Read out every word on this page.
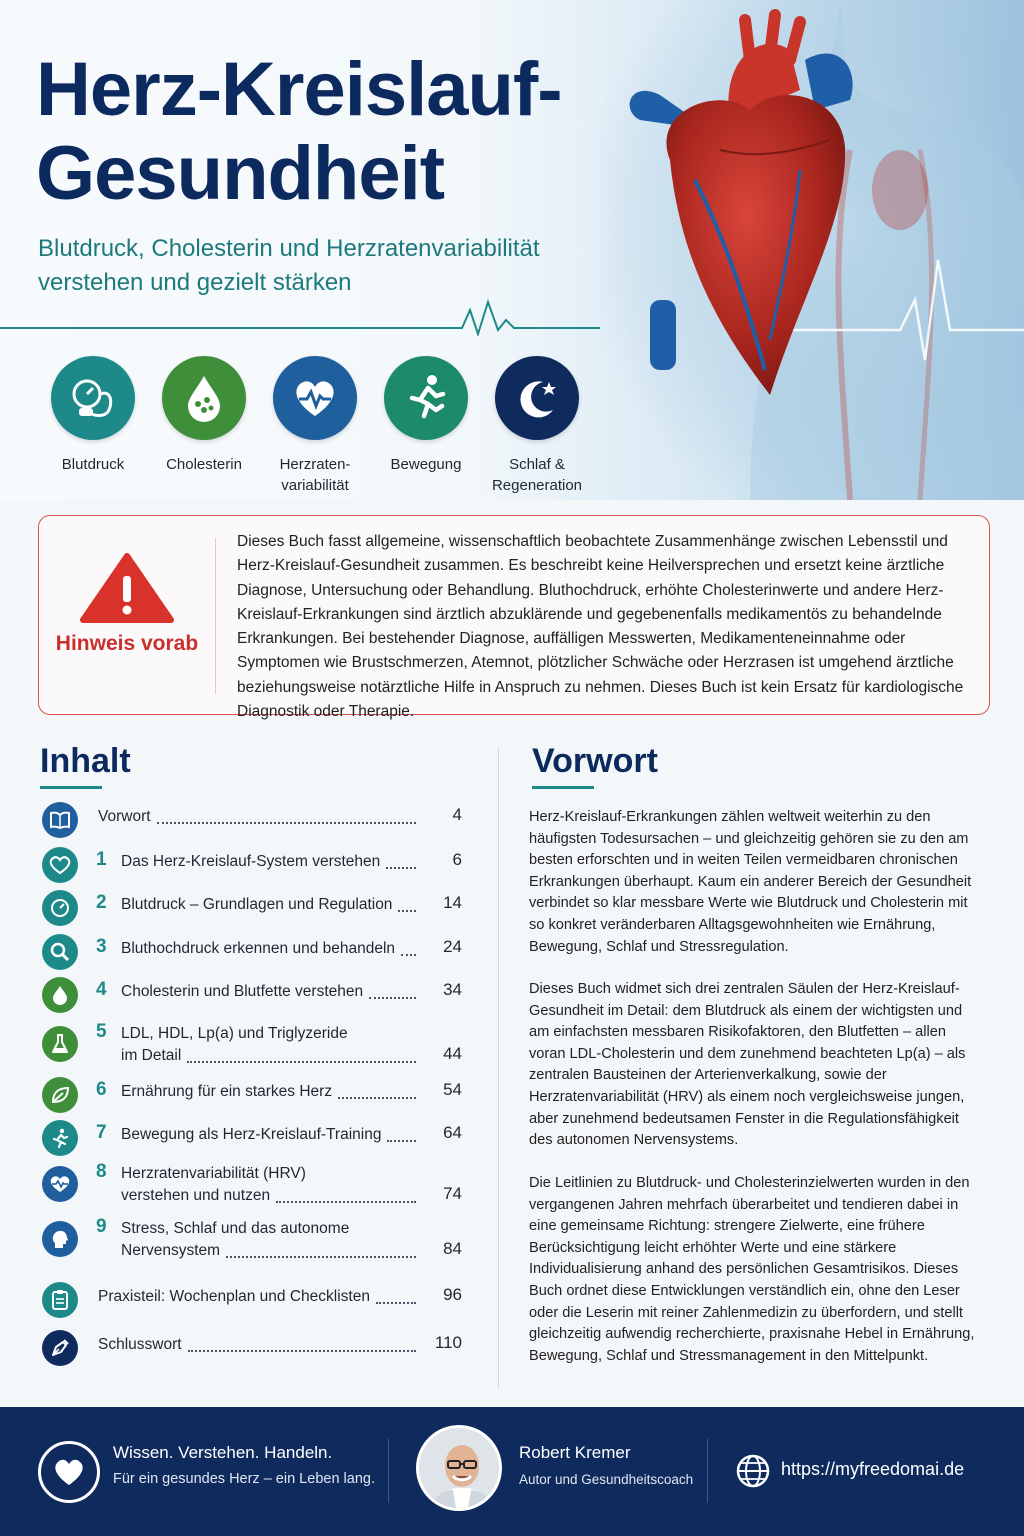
Herz-Kreislauf-
Gesundheit
Blutdruck, Cholesterin und Herzratenvariabilität
verstehen und gezielt stärken
Blutdruck	Cholesterin	Herzraten-
variabilität
Bewegung	Schlaf &
Regeneration
Hinweis vorab
Dieses Buch fasst allgemeine, wissenschaftlich beobachtete Zusammenhänge zwischen Lebensstil und Herz-Kreislauf-Gesundheit zusammen. Es beschreibt keine Heilversprechen und ersetzt keine ärztliche Diagnose, Untersuchung oder Behandlung. Bluthochdruck, erhöhte Cholesterinwerte und andere Herz-Kreislauf-Erkrankungen sind ärztlich abzuklärende und gegebenenfalls medikamentös zu behandelnde Erkrankungen. Bei bestehender Diagnose, auffälligen Messwerten, Medikamenteneinnahme oder Symptomen wie Brustschmerzen, Atemnot, plötzlicher Schwäche oder Herzrasen ist umgehend ärztliche beziehungsweise notärztliche Hilfe in Anspruch zu nehmen. Dieses Buch ist kein Ersatz für kardiologische Diagnostik oder Therapie.
Inhalt
Vorwort	4
1 Das Herz-Kreislauf-System verstehen	6
2 Blutdruck – Grundlagen und Regulation	14
3 Bluthochdruck erkennen und behandeln	24
4 Cholesterin und Blutfette verstehen	34
5 LDL, HDL, Lp(a) und Triglyzeride
im Detail	44
6 Ernährung für ein starkes Herz	54
7 Bewegung als Herz-Kreislauf-Training	64
8 Herzratenvariabilität (HRV)
verstehen und nutzen	74
9 Stress, Schlaf und das autonome
Nervensystem	84
Praxisteil: Wochenplan und Checklisten	96
Schlusswort	110
Vorwort
Herz-Kreislauf-Erkrankungen zählen weltweit weiterhin zu den häufigsten Todesursachen – und gleichzeitig gehören sie zu den am besten erforschten und in weiten Teilen vermeidbaren chronischen Erkrankungen überhaupt. Kaum ein anderer Bereich der Gesundheit verbindet so klar messbare Werte wie Blutdruck und Cholesterin mit so konkret veränderbaren Alltagsgewohnheiten wie Ernährung, Bewegung, Schlaf und Stressregulation.
Dieses Buch widmet sich drei zentralen Säulen der Herz-Kreislauf-Gesundheit im Detail: dem Blutdruck als einem der wichtigsten und am einfachsten messbaren Risikofaktoren, den Blutfetten – allen voran LDL-Cholesterin und dem zunehmend beachteten Lp(a) – als zentralen Bausteinen der Arterienverkalkung, sowie der Herzratenvariabilität (HRV) als einem noch vergleichsweise jungen, aber zunehmend bedeutsamen Fenster in die Regulationsfähigkeit des autonomen Nervensystems.
Die Leitlinien zu Blutdruck- und Cholesterinzielwerten wurden in den vergangenen Jahren mehrfach überarbeitet und tendieren dabei in eine gemeinsame Richtung: strengere Zielwerte, eine frühere Berücksichtigung leicht erhöhter Werte und eine stärkere Individualisierung anhand des persönlichen Gesamtrisikos. Dieses Buch ordnet diese Entwicklungen verständlich ein, ohne den Leser oder die Leserin mit reiner Zahlenmedizin zu überfordern, und stellt gleichzeitig aufwendig recherchierte, praxisnahe Hebel in Ernährung, Bewegung, Schlaf und Stressmanagement in den Mittelpunkt.
Wissen. Verstehen. Handeln.
Für ein gesundes Herz – ein Leben lang.
Robert Kremer
Autor und Gesundheitscoach
https://myfreedomai.de
